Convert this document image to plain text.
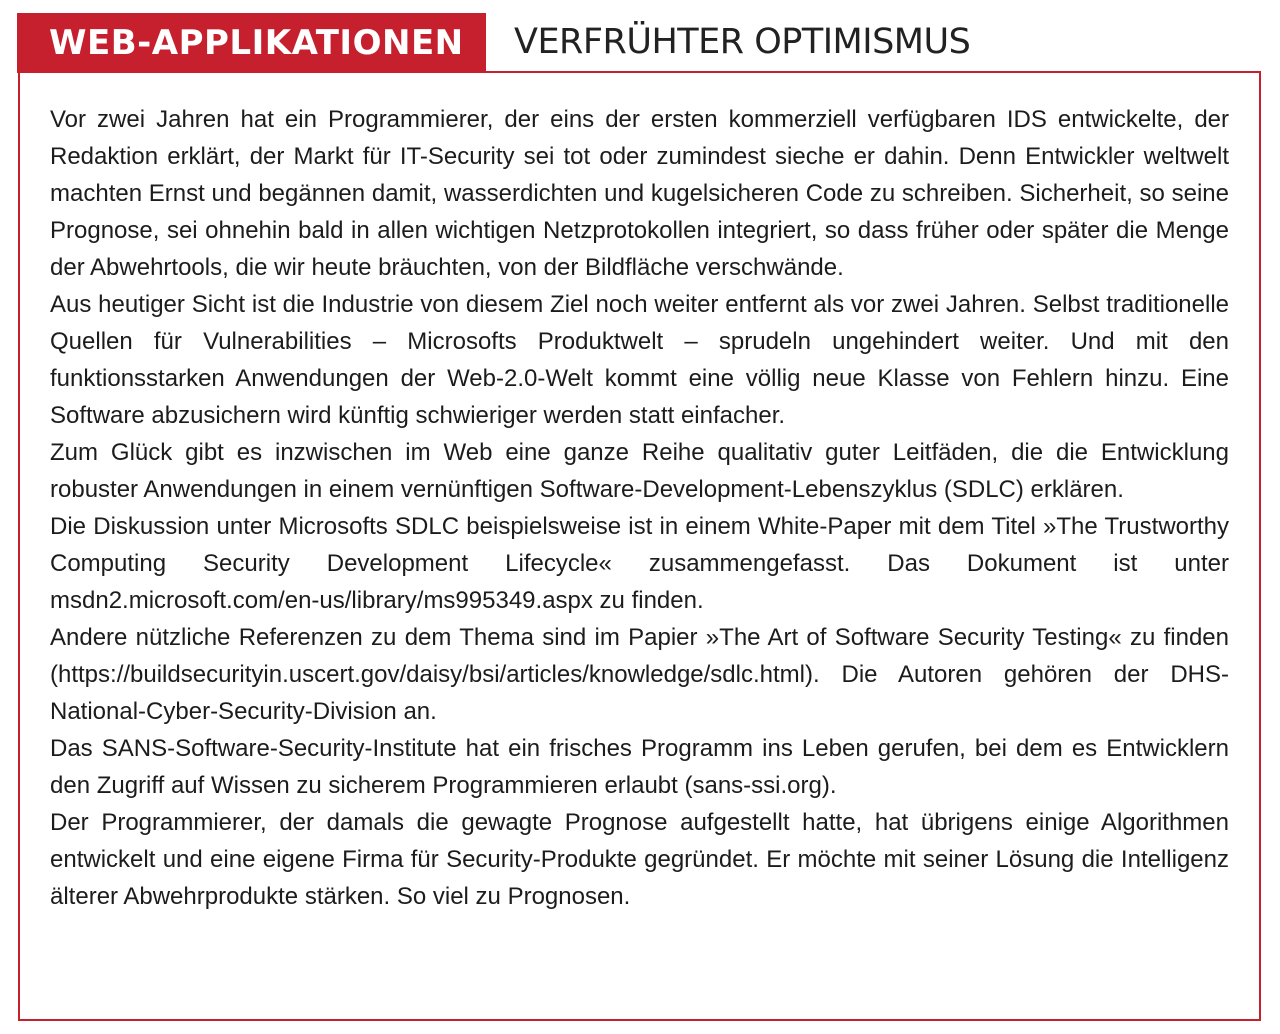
WEB-APPLIKATIONEN VERFRÜHTER OPTIMISMUS

Vor zwei Jahren hat ein Programmierer, der eins der ersten kommerziell verfügbaren IDS entwickelte, der Redaktion erklärt, der Markt für IT-Security sei tot oder zumindest sieche er dahin. Denn Entwickler weltwelt machten Ernst und begännen damit, wasserdichten und kugelsicheren Code zu schreiben. Sicherheit, so seine Prognose, sei ohnehin bald in allen wichtigen Netzprotokollen integriert, so dass früher oder später die Menge der Abwehrtools, die wir heute bräuchten, von der Bildfläche verschwände.

Aus heutiger Sicht ist die Industrie von diesem Ziel noch weiter entfernt als vor zwei Jahren. Selbst traditionelle Quellen für Vulnerabilities – Microsofts Produktwelt – sprudeln ungehindert weiter. Und mit den funktionsstarken Anwendungen der Web-2.0-Welt kommt eine völlig neue Klasse von Fehlern hinzu. Eine Software abzusichern wird künftig schwieriger werden statt einfacher.

Zum Glück gibt es inzwischen im Web eine ganze Reihe qualitativ guter Leitfäden, die die Entwicklung robuster Anwendungen in einem vernünftigen Software-Development-Lebenszyklus (SDLC) erklären.

Die Diskussion unter Microsofts SDLC beispielsweise ist in einem White-Paper mit dem Titel »The Trustworthy Computing Security Development Lifecycle« zusammengefasst. Das Dokument ist unter msdn2.microsoft.com/en-us/library/ms995349.aspx zu finden.

Andere nützliche Referenzen zu dem Thema sind im Papier »The Art of Software Security Testing« zu finden (https://buildsecurityin.uscert.gov/daisy/bsi/articles/knowledge/sdlc.html). Die Autoren gehören der DHS-National-Cyber-Security-Division an.

Das SANS-Software-Security-Institute hat ein frisches Programm ins Leben gerufen, bei dem es Entwicklern den Zugriff auf Wissen zu sicherem Programmieren erlaubt (sans-ssi.org).

Der Programmierer, der damals die gewagte Prognose aufgestellt hatte, hat übrigens einige Algorithmen entwickelt und eine eigene Firma für Security-Produkte gegründet. Er möchte mit seiner Lösung die Intelligenz älterer Abwehrprodukte stärken. So viel zu Prognosen.
